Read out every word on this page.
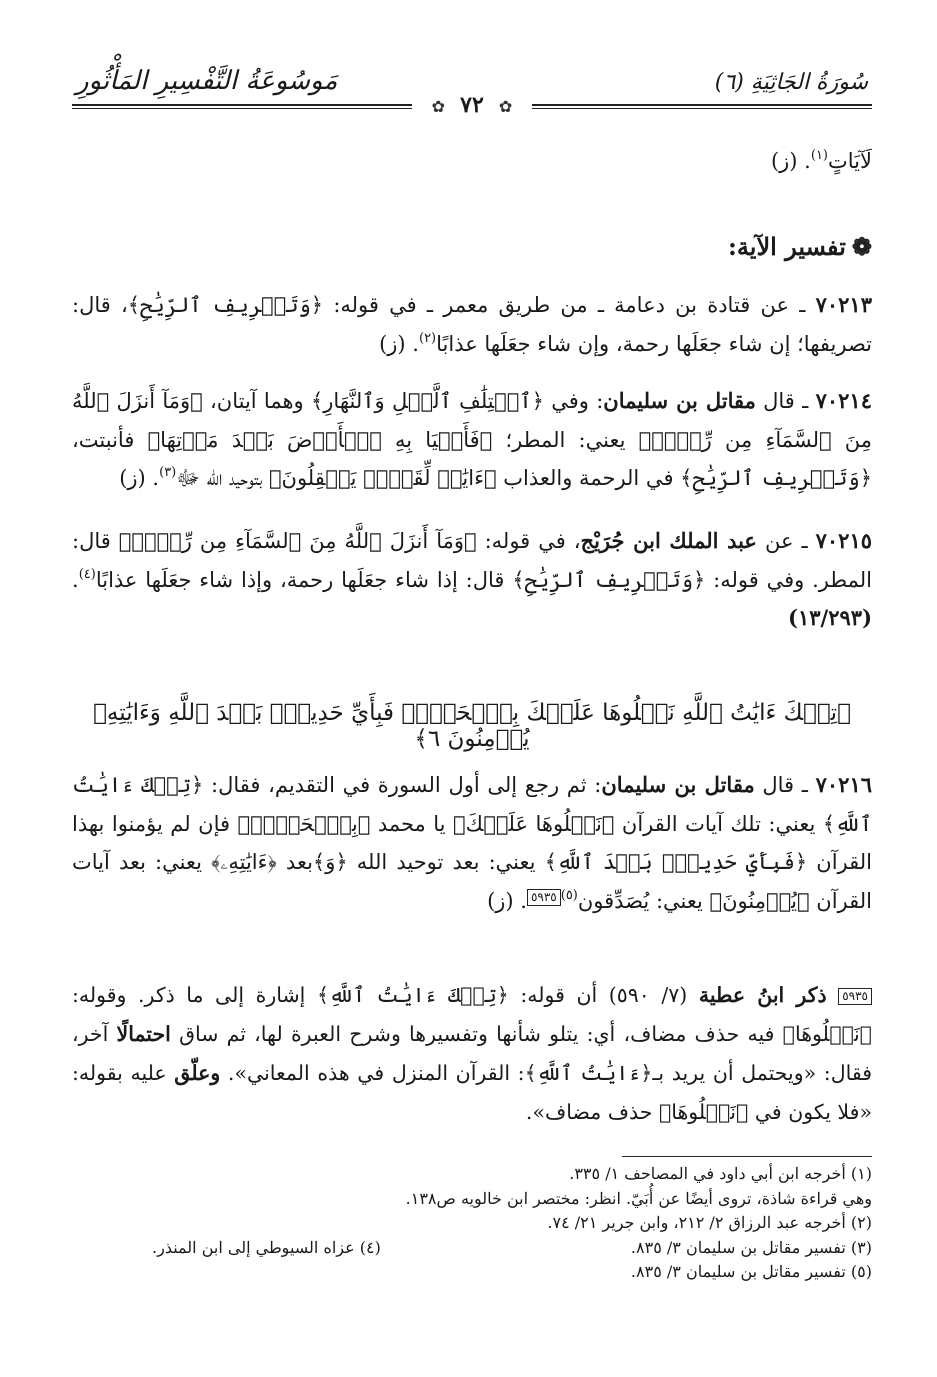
سُورَةُ الجَاثِيَةِ (٦)
مَوسُوعَةُ التَّفْسِيرِ المَأْثُورِ
✿ ٧٢ ✿
لَآيَاتٍ$^{(١)}$. (ز)
❁تفسير الآية:
٧٠٢١٣ ـ عن قتادة بن دعامة ـ من طريق معمر ـ في قوله: ﴿وَتَصۡرِيفِ ٱلرِّيَٰحِ﴾، قال: تصريفها؛ إن شاء جعَلَها رحمة، وإن شاء جعَلَها عذابًا$^{(٢)}$. (ز)
٧٠٢١٤ ـ قال مقاتل بن سليمان: وفي ﴿ٱخۡتِلَٰفِ ٱلَّيۡلِ وَٱلنَّهَارِ﴾ وهما آيتان، ﴿وَمَآ أَنزَلَ ٱللَّهُ مِنَ ٱلسَّمَآءِ مِن رِّزۡقٖ﴾ يعني: المطر؛ ﴿فَأَحۡيَا بِهِ ٱلۡأَرۡضَ بَعۡدَ مَوۡتِهَا﴾ فأنبتت، ﴿وَتَصۡرِيفِ ٱلرِّيَٰحِ﴾ في الرحمة والعذاب ﴿ءَايَٰتٞ لِّقَوۡمٖ يَعۡقِلُونَ﴾ بتوحيد الله ﷻ$^{(٣)}$. (ز)
٧٠٢١٥ ـ عن عبد الملك ابن جُرَيْج، في قوله: ﴿وَمَآ أَنزَلَ ٱللَّهُ مِنَ ٱلسَّمَآءِ مِن رِّزۡقٖ﴾ قال: المطر. وفي قوله: ﴿وَتَصۡرِيفِ ٱلرِّيَٰحِ﴾ قال: إذا شاء جعَلَها رحمة، وإذا شاء جعَلَها عذابًا$^{(٤)}$. (١٣/٢٩٣)
﴿تِلۡكَ ءَايَٰتُ ٱللَّهِ نَتۡلُوهَا عَلَيۡكَ بِٱلۡحَقِّۖ فَبِأَيِّ حَدِيثِۭ بَعۡدَ ٱللَّهِ وَءَايَٰتِهِۦ يُؤۡمِنُونَ ٦﴾
٧٠٢١٦ ـ قال مقاتل بن سليمان: ثم رجع إلى أول السورة في التقديم، فقال: ﴿تِلۡكَ ءَايَٰتُ ٱللَّهِ﴾ يعني: تلك آيات القرآن ﴿نَتۡلُوهَا عَلَيۡكَ﴾ يا محمد ﴿بِٱلۡحَقِّۖ﴾ فإن لم يؤمنوا بهذا القرآن ﴿فَبِأَيِّ حَدِيثِۭ بَعۡدَ ٱللَّهِ﴾ يعني: بعد توحيد الله ﴿وَ﴾بعد ﴿ءَايَٰتِهِۦ﴾ يعني: بعد آيات القرآن ﴿يُؤۡمِنُونَ﴾ يعني: يُصَدِّقون$^{(٥)}$٥٩٣٥. (ز)
٥٩٣٥ ذكر ابنُ عطية (٧/ ٥٩٠) أن قوله: ﴿تِلۡكَ ءَايَٰتُ ٱللَّهِ﴾ إشارة إلى ما ذكر. وقوله: ﴿نَتۡلُوهَا﴾ فيه حذف مضاف، أي: يتلو شأنها وتفسيرها وشرح العبرة لها، ثم ساق احتمالًا آخر، فقال: «ويحتمل أن يريد بـ﴿ءَايَٰتُ ٱللَّهِ﴾: القرآن المنزل في هذه المعاني». وعلّق عليه بقوله: «فلا يكون في ﴿نَتۡلُوهَا﴾ حذف مضاف».
(١) أخرجه ابن أبي داود في المصاحف ١/ ٣٣٥.
وهي قراءة شاذة، تروى أيضًا عن أُبَيّ. انظر: مختصر ابن خالويه ص١٣٨.
(٢) أخرجه عبد الرزاق ٢/ ٢١٢، وابن جرير ٢١/ ٧٤.
(٣) تفسير مقاتل بن سليمان ٣/ ٨٣٥.
(٤) عزاه السيوطي إلى ابن المنذر.
(٥) تفسير مقاتل بن سليمان ٣/ ٨٣٥.
